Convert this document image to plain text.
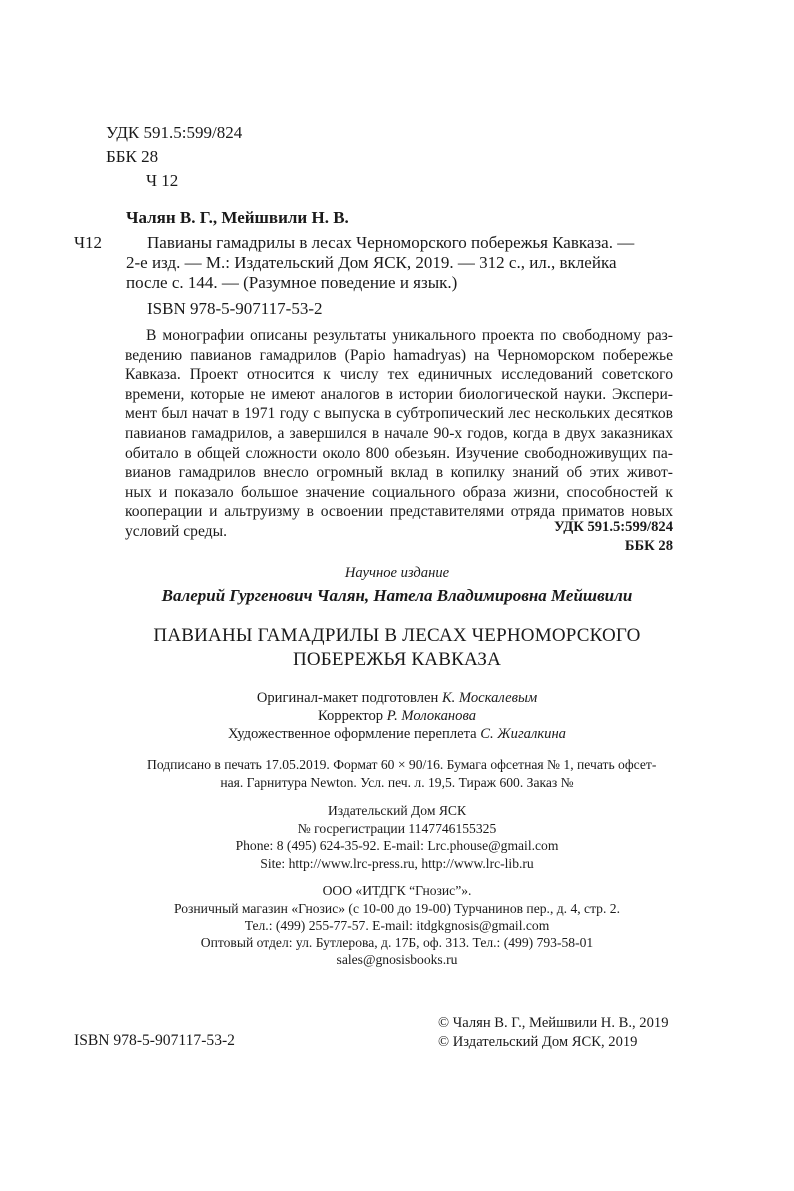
УДК 591.5:599/824
ББК 28
Ч 12
Чалян В. Г., Мейшвили Н. В.
Ч12	Павианы гамадрилы в лесах Черноморского побережья Кавказа. —
2-е изд. — М.: Издательский Дом ЯСК, 2019. — 312 с., ил., вклейка
после с. 144. — (Разумное поведение и язык.)
ISBN 978-5-907117-53-2
В монографии описаны результаты уникального проекта по свободному раз-
ведению павианов гамадрилов (Papio hamadryas) на Черноморском побережье
Кавказа. Проект относится к числу тех единичных исследований советского
времени, которые не имеют аналогов в истории биологической науки. Экспери-
мент был начат в 1971 году с выпуска в субтропический лес нескольких десятков
павианов гамадрилов, а завершился в начале 90-х годов, когда в двух заказниках
обитало в общей сложности около 800 обезьян. Изучение свободноживущих па-
вианов гамадрилов внесло огромный вклад в копилку знаний об этих живот-
ных и показало большое значение социального образа жизни, способностей к
кооперации и альтруизму в освоении представителями отряда приматов новых
условий среды.	УДК 591.5:599/824
ББК 28
Научное издание
Валерий Гургенович Чалян, Натела Владимировна Мейшвили
ПАВИАНЫ ГАМАДРИЛЫ В ЛЕСАХ ЧЕРНОМОРСКОГО
ПОБЕРЕЖЬЯ КАВКАЗА
Оригинал-макет подготовлен К. Москалевым
Корректор Р. Молоканова
Художественное оформление переплета С. Жигалкина
Подписано в печать 17.05.2019. Формат 60 × 90/16. Бумага офсетная № 1, печать офсет-
ная. Гарнитура Newton. Усл. печ. л. 19,5. Тираж 600. Заказ №
Издательский Дом ЯСК
№ госрегистрации 1147746155325
Phone: 8 (495) 624-35-92. E-mail: Lrc.phouse@gmail.com
Site: http://www.lrc-press.ru, http://www.lrc-lib.ru
ООО «ИТДГК “Гнозис”».
Розничный магазин «Гнозис» (с 10-00 до 19-00) Турчанинов пер., д. 4, стр. 2.
Тел.: (499) 255-77-57. E-mail: itdgkgnosis@gmail.com
Оптовый отдел: ул. Бутлерова, д. 17Б, оф. 313. Тел.: (499) 793-58-01
sales@gnosisbooks.ru
ISBN 978-5-907117-53-2
© Чалян В. Г., Мейшвили Н. В., 2019
© Издательский Дом ЯСК, 2019
